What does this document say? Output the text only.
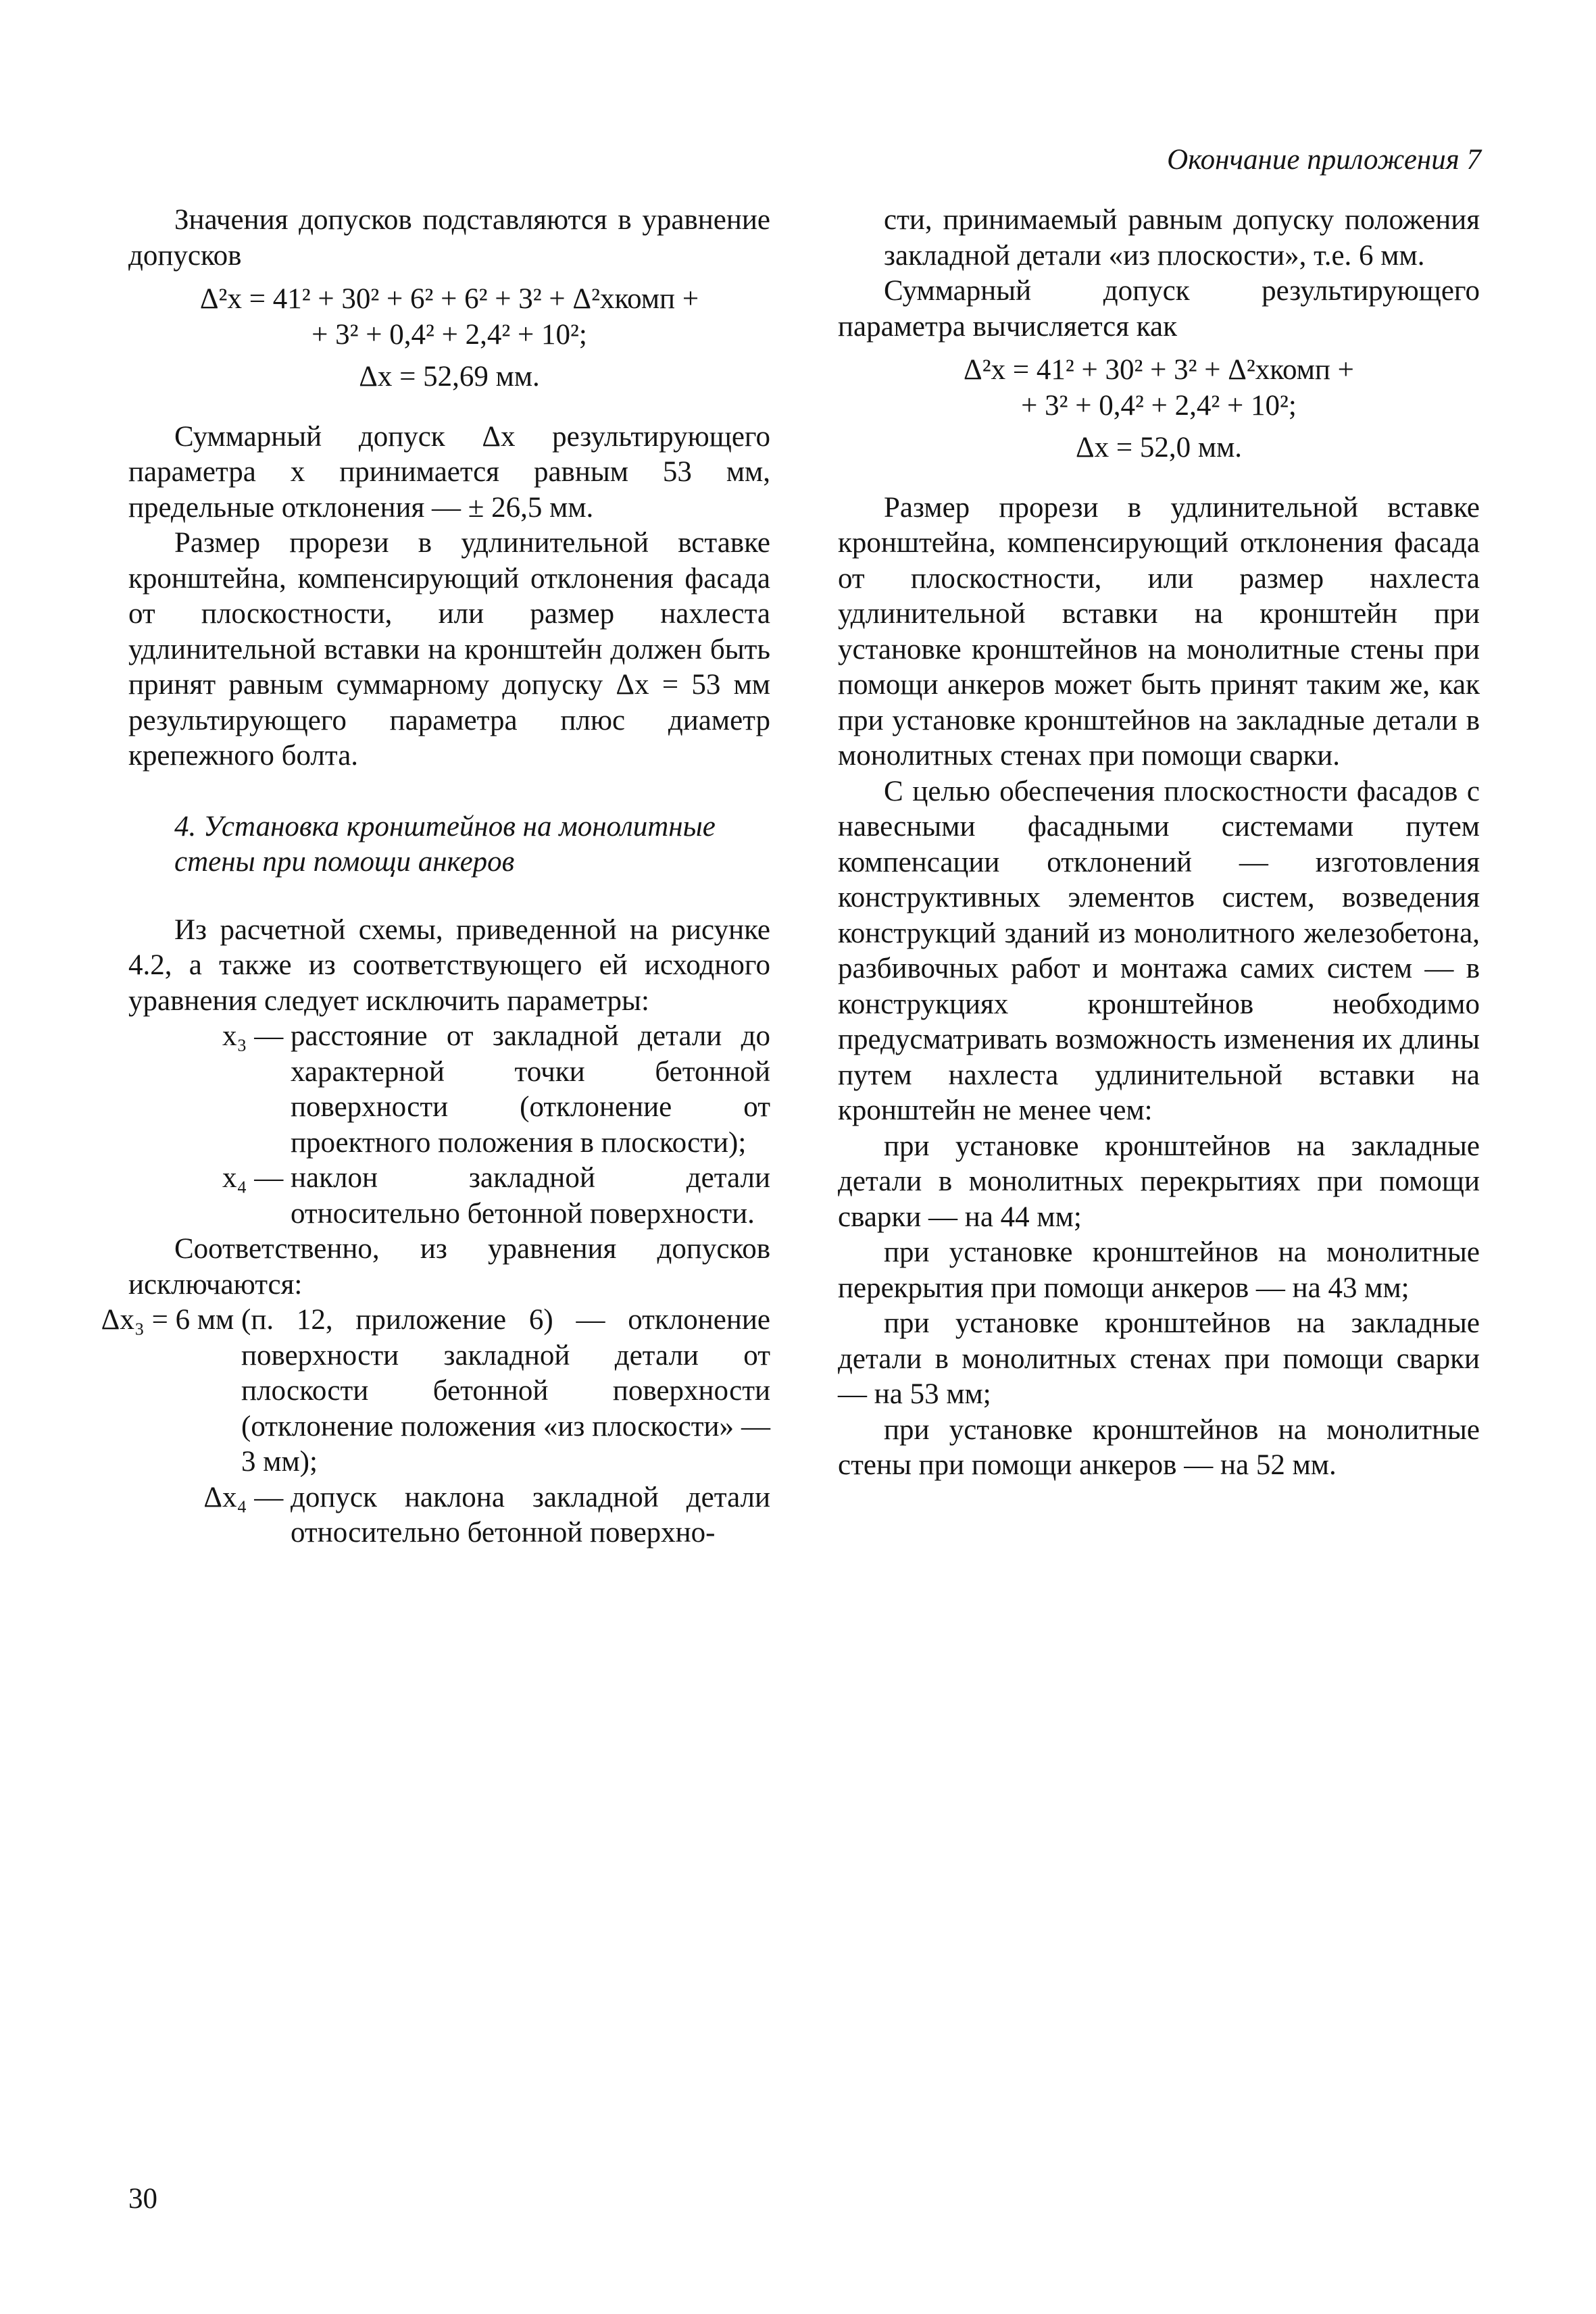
Окончание приложения 7

Значения допусков подставляются в уравнение допусков

Δ²x = 41² + 30² + 6² + 6² + 3² + Δ²xкомп +
+ 3² + 0,4² + 2,4² + 10²;
Δx = 52,69 мм.

Суммарный допуск Δx результирующего параметра x принимается равным 53 мм, предельные отклонения — ± 26,5 мм.

Размер прорези в удлинительной вставке кронштейна, компенсирующий отклонения фасада от плоскостности, или размер нахлеста удлинительной вставки на кронштейн должен быть принят равным суммарному допуску Δx = 53 мм результирующего параметра плюс диаметр крепежного болта.

4. Установка кронштейнов на монолитные стены при помощи анкеров

Из расчетной схемы, приведенной на рисунке 4.2, а также из соответствующего ей исходного уравнения следует исключить параметры:

x₃ — расстояние от закладной детали до характерной точки бетонной поверхности (отклонение от проектного положения в плоскости);
x₄ — наклон закладной детали относительно бетонной поверхности.

Соответственно, из уравнения допусков исключаются:

Δx₃ = 6 мм (п. 12, приложение 6) — отклонение поверхности закладной детали от плоскости бетонной поверхности (отклонение положения «из плоскости» — 3 мм);
Δx₄ — допуск наклона закладной детали относительно бетонной поверхно-

сти, принимаемый равным допуску положения закладной детали «из плоскости», т.е. 6 мм.

Суммарный допуск результирующего параметра вычисляется как

Δ²x = 41² + 30² + 3² + Δ²xкомп +
+ 3² + 0,4² + 2,4² + 10²;
Δx = 52,0 мм.

Размер прорези в удлинительной вставке кронштейна, компенсирующий отклонения фасада от плоскостности, или размер нахлеста удлинительной вставки на кронштейн при установке кронштейнов на монолитные стены при помощи анкеров может быть принят таким же, как при установке кронштейнов на закладные детали в монолитных стенах при помощи сварки.

С целью обеспечения плоскостности фасадов с навесными фасадными системами путем компенсации отклонений — изготовления конструктивных элементов систем, возведения конструкций зданий из монолитного железобетона, разбивочных работ и монтажа самих систем — в конструкциях кронштейнов необходимо предусматривать возможность изменения их длины путем нахлеста удлинительной вставки на кронштейн не менее чем:

при установке кронштейнов на закладные детали в монолитных перекрытиях при помощи сварки — на 44 мм;

при установке кронштейнов на монолитные перекрытия при помощи анкеров — на 43 мм;

при установке кронштейнов на закладные детали в монолитных стенах при помощи сварки — на 53 мм;

при установке кронштейнов на монолитные стены при помощи анкеров — на 52 мм.

30
